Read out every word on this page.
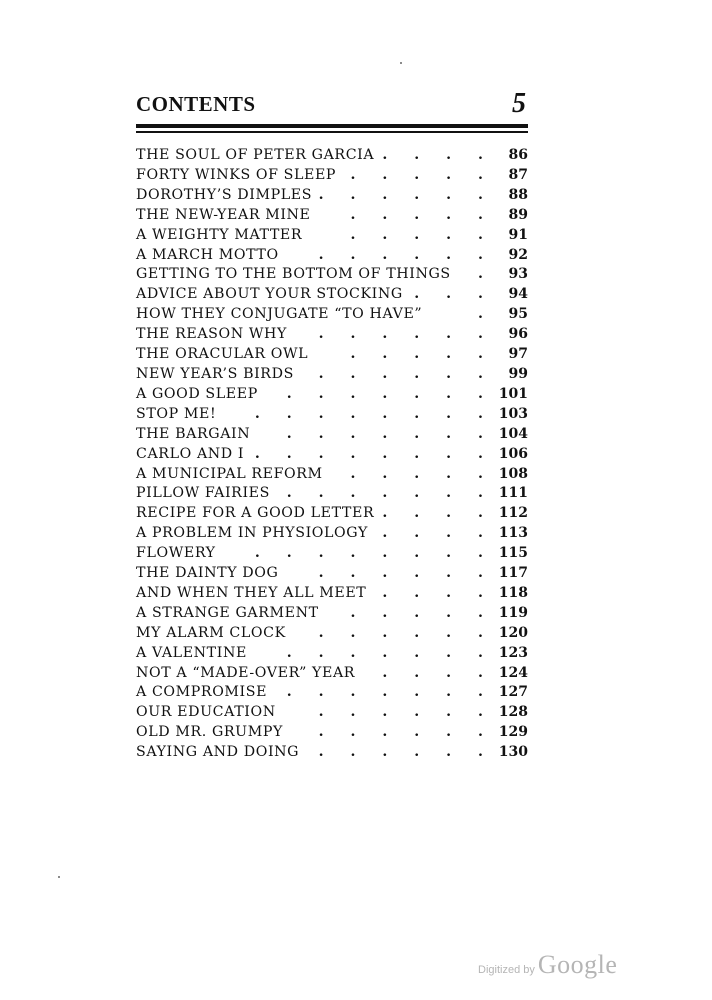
CONTENTS	5
THE SOUL OF PETER GARCIA . . . .	86
FORTY WINKS OF SLEEP	. . . . .	87
DOROTHY’S DIMPLES . . . . . .	88
THE NEW-YEAR MINE	. . . . .	89
A WEIGHTY MATTER	. . . . .	91
A MARCH MOTTO	. . . . . .	92
GETTING TO THE BOTTOM OF THINGS	.	93
ADVICE ABOUT YOUR STOCKING . . .	94
HOW THEY CONJUGATE “TO HAVE”	.	95
THE REASON WHY	. . . . . .	96
THE ORACULAR OWL	. . . . .	97
NEW YEAR’S BIRDS	. . . . . .	99
A GOOD SLEEP	. . . . . . . 101
STOP ME!	. . . . . . . . 103
THE BARGAIN	. . . . . . . 104
CARLO AND I . . . . . . . . 106
A MUNICIPAL REFORM	. . . . . 108
PILLOW FAIRIES	. . . . . . . 111
RECIPE FOR A GOOD LETTER . . . . 112
A PROBLEM IN PHYSIOLOGY	. . . . 113
FLOWERY	. . . . . . . . 115
THE DAINTY DOG	. . . . . . 117
AND WHEN THEY ALL MEET	. . . . 118
A STRANGE GARMENT	. . . . . 119
MY ALARM CLOCK	. . . . . . 120
A VALENTINE	. . . . . . . 123
NOT A “MADE-OVER” YEAR	. . . . 124
A COMPROMISE	. . . . . . . 127
OUR EDUCATION	. . . . . . 128
OLD MR. GRUMPY	. . . . . . 129
SAYING AND DOING	. . . . . . 130
Digitized by Google
